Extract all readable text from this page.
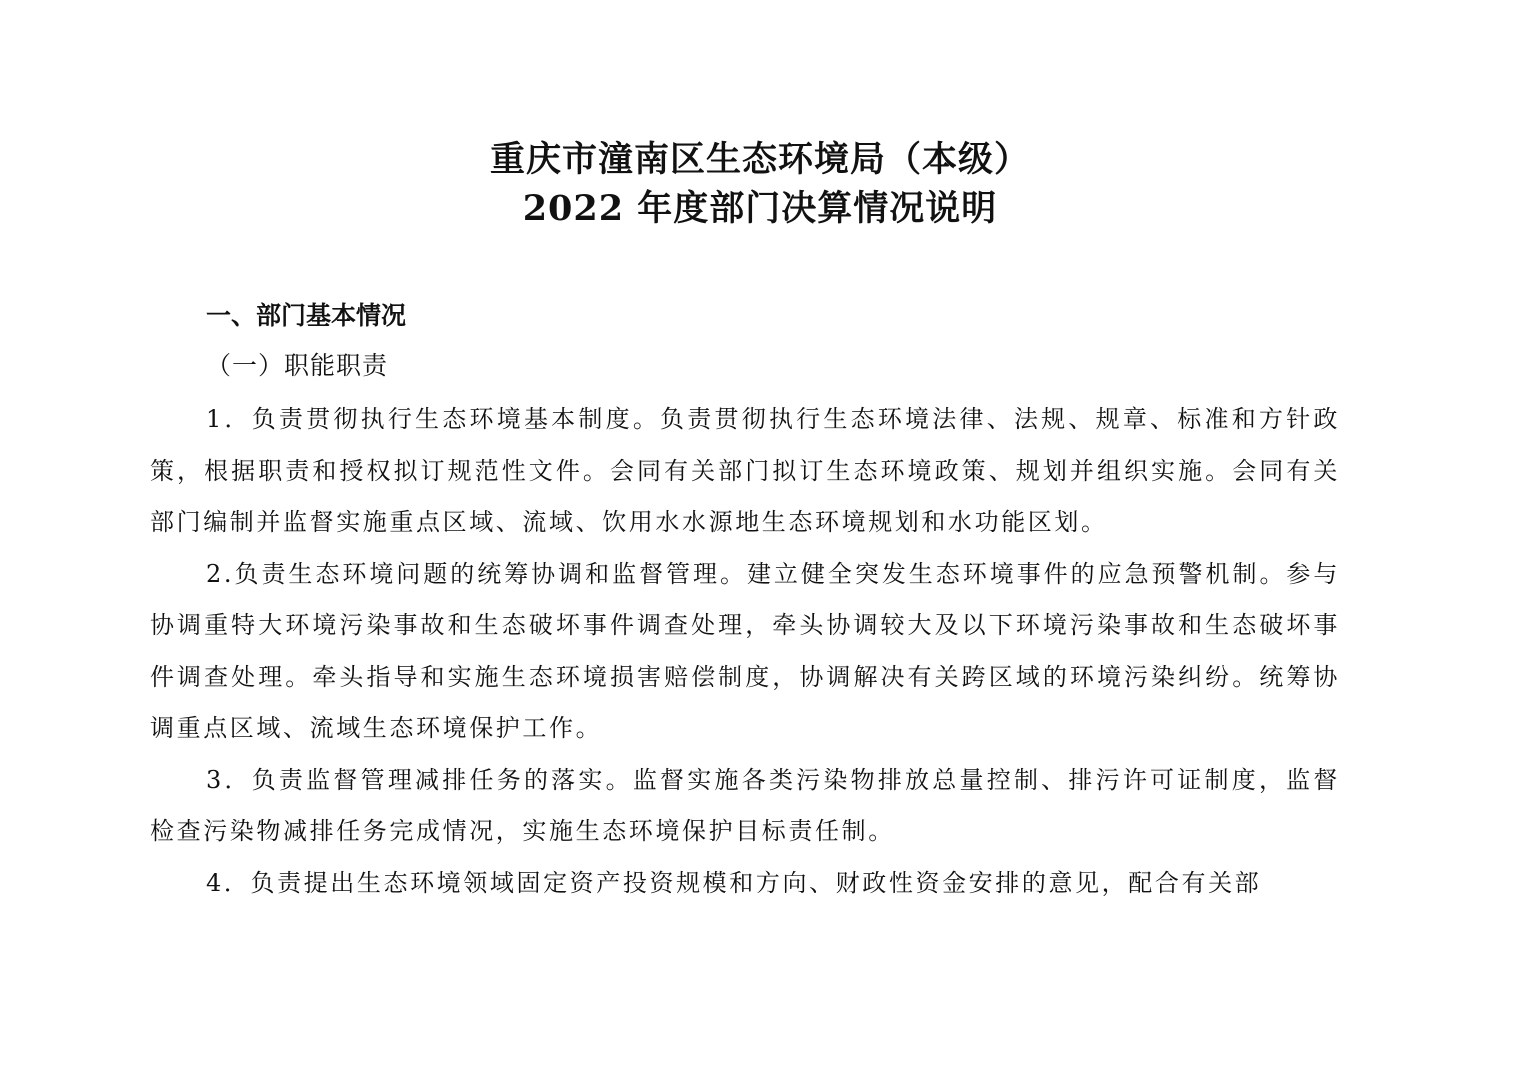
重庆市潼南区生态环境局（本级）
2022 年度部门决算情况说明
一、部门基本情况
（一）职能职责

1．负责贯彻执行生态环境基本制度。负责贯彻执行生态环境法律、法规、规章、标准和方针政策，根据职责和授权拟订规范性文件。会同有关部门拟订生态环境政策、规划并组织实施。会同有关部门编制并监督实施重点区域、流域、饮用水水源地生态环境规划和水功能区划。

2.负责生态环境问题的统筹协调和监督管理。建立健全突发生态环境事件的应急预警机制。参与协调重特大环境污染事故和生态破坏事件调查处理，牵头协调较大及以下环境污染事故和生态破坏事件调查处理。牵头指导和实施生态环境损害赔偿制度，协调解决有关跨区域的环境污染纠纷。统筹协调重点区域、流域生态环境保护工作。

3．负责监督管理减排任务的落实。监督实施各类污染物排放总量控制、排污许可证制度，监督检查污染物减排任务完成情况，实施生态环境保护目标责任制。

4．负责提出生态环境领域固定资产投资规模和方向、财政性资金安排的意见，配合有关部
